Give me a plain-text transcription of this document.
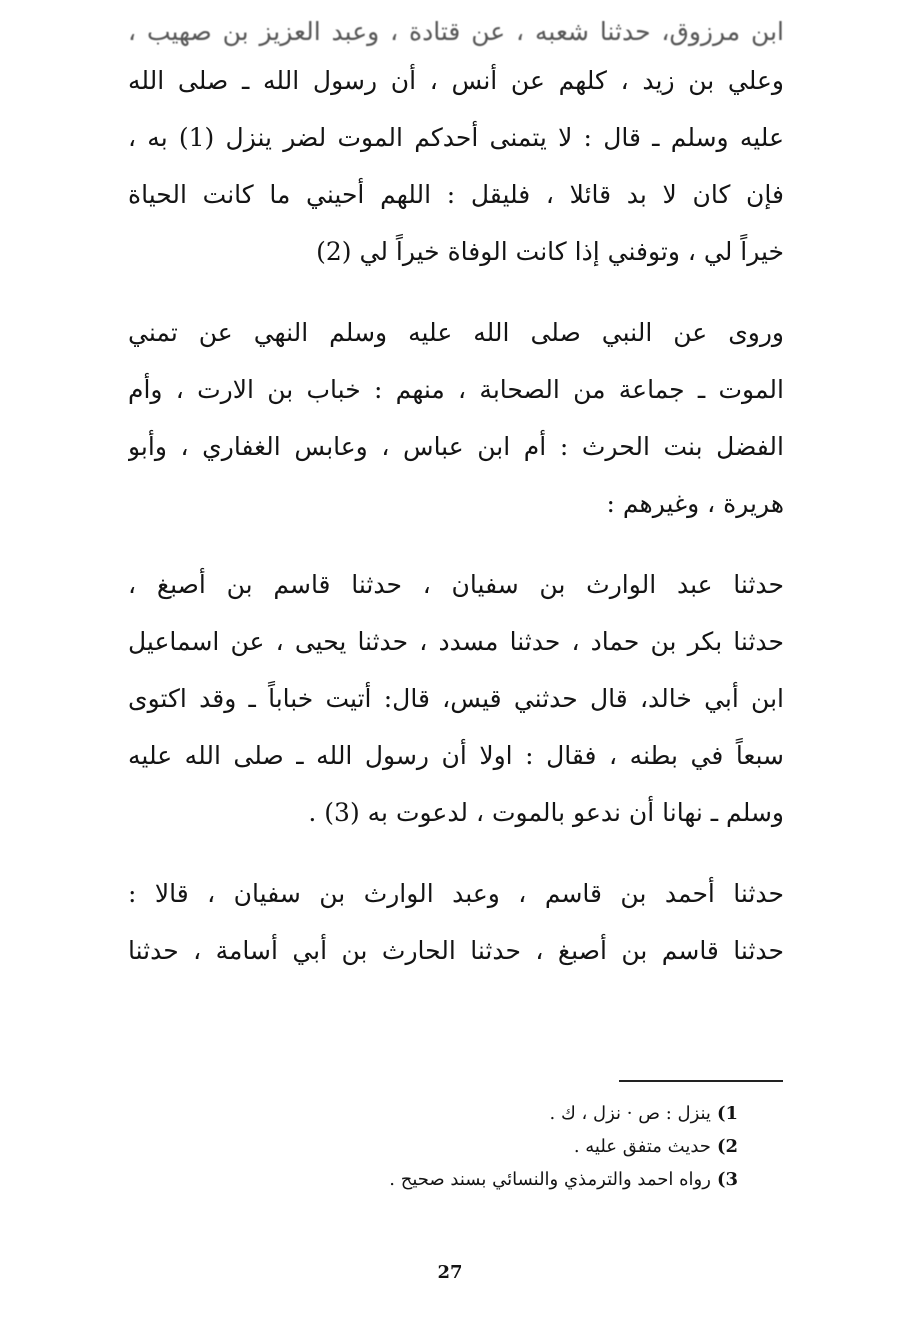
ابن مرزوق، حدثنا شعبه ، عن قتادة ، وعبد العزيز بن صهيب ،
وعلي بن زيد ، كلهم عن أنس ، أن رسول الله ـ صلى الله
عليه وسلم ـ قال : لا يتمنى أحدكم الموت لضر ينزل (1) به ،
فإن كان لا بد قائلا ، فليقل : اللهم أحيني ما كانت الحياة
خيراً لي ، وتوفني إذا كانت الوفاة خيراً لي (2)
وروى عن النبي صلى الله عليه وسلم النهي عن تمني
الموت ـ جماعة من الصحابة ، منهم : خباب بن الارت ، وأم
الفضل بنت الحرث : أم ابن عباس ، وعابس الغفاري ، وأبو
هريرة ، وغيرهم :
حدثنا عبد الوارث بن سفيان ، حدثنا قاسم بن أصبغ ،
حدثنا بكر بن حماد ، حدثنا مسدد ، حدثنا يحيى ، عن اسماعيل
ابن أبي خالد، قال حدثني قيس، قال: أتيت خباباً ـ وقد اكتوى
سبعاً في بطنه ، فقال : اولا أن رسول الله ـ صلى الله عليه
وسلم ـ نهانا أن ندعو بالموت ، لدعوت به (3) .
حدثنا أحمد بن قاسم ، وعبد الوارث بن سفيان ، قالا :
حدثنا قاسم بن أصبغ ، حدثنا الحارث بن أبي أسامة ، حدثنا
1)ينزل : ص · نزل ، ك .
2)حديث متفق عليه .
3)رواه احمد والترمذي والنسائي بسند صحيح .
27
